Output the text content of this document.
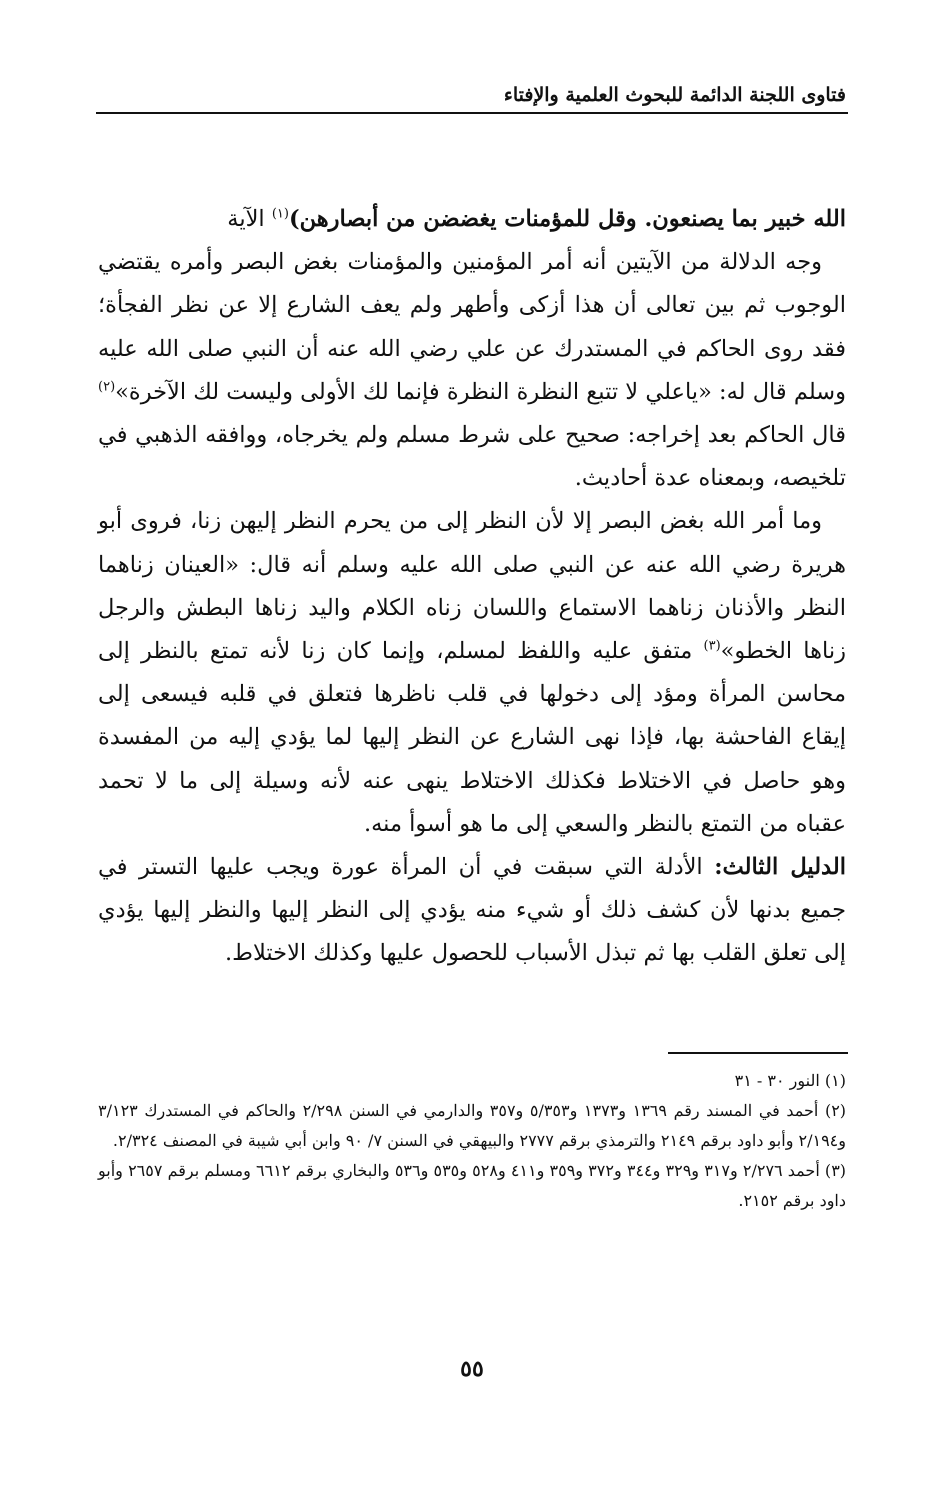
فتاوى اللجنة الدائمة للبحوث العلمية والإفتاء

الله خبير بما يصنعون. وقل للمؤمنات يغضضن من أبصارهن)$^{(١)}$ الآية

وجه الدلالة من الآيتين أنه أمر المؤمنين والمؤمنات بغض البصر وأمره يقتضي الوجوب ثم بين تعالى أن هذا أزكى وأطهر ولم يعف الشارع إلا عن نظر الفجأة؛ فقد روى الحاكم في المستدرك عن علي رضي الله عنه أن النبي صلى الله عليه وسلم قال له: «ياعلي لا تتبع النظرة النظرة فإنما لك الأولى وليست لك الآخرة»$^{(٢)}$ قال الحاكم بعد إخراجه: صحيح على شرط مسلم ولم يخرجاه، ووافقه الذهبي في تلخيصه، وبمعناه عدة أحاديث.

وما أمر الله بغض البصر إلا لأن النظر إلى من يحرم النظر إليهن زنا، فروى أبو هريرة رضي الله عنه عن النبي صلى الله عليه وسلم أنه قال: «العينان زناهما النظر والأذنان زناهما الاستماع واللسان زناه الكلام واليد زناها البطش والرجل زناها الخطو»$^{(٣)}$ متفق عليه واللفظ لمسلم، وإنما كان زنا لأنه تمتع بالنظر إلى محاسن المرأة ومؤد إلى دخولها في قلب ناظرها فتعلق في قلبه فيسعى إلى إيقاع الفاحشة بها، فإذا نهى الشارع عن النظر إليها لما يؤدي إليه من المفسدة وهو حاصل في الاختلاط فكذلك الاختلاط ينهى عنه لأنه وسيلة إلى ما لا تحمد عقباه من التمتع بالنظر والسعي إلى ما هو أسوأ منه.

الدليل الثالث: الأدلة التي سبقت في أن المرأة عورة ويجب عليها التستر في جميع بدنها لأن كشف ذلك أو شيء منه يؤدي إلى النظر إليها والنظر إليها يؤدي إلى تعلق القلب بها ثم تبذل الأسباب للحصول عليها وكذلك الاختلاط.

(١) النور ٣٠ - ٣١

(٢) أحمد في المسند رقم ١٣٦٩ و١٣٧٣ و٥/٣٥٣ و٣٥٧ والدارمي في السنن ٢/٢٩٨ والحاكم في المستدرك ٣/١٢٣ و٢/١٩٤ وأبو داود برقم ٢١٤٩ والترمذي برقم ٢٧٧٧ والبيهقي في السنن ٧/ ٩٠ وابن أبي شيبة في المصنف ٢/٣٢٤.

(٣) أحمد ٢/٢٧٦ و٣١٧ و٣٢٩ و٣٤٤ و٣٧٢ و٣٥٩ و٤١١ و٥٢٨ و٥٣٥ و٥٣٦ والبخاري برقم ٦٦١٢ ومسلم برقم ٢٦٥٧ وأبو داود برقم ٢١٥٢.

٥٥
